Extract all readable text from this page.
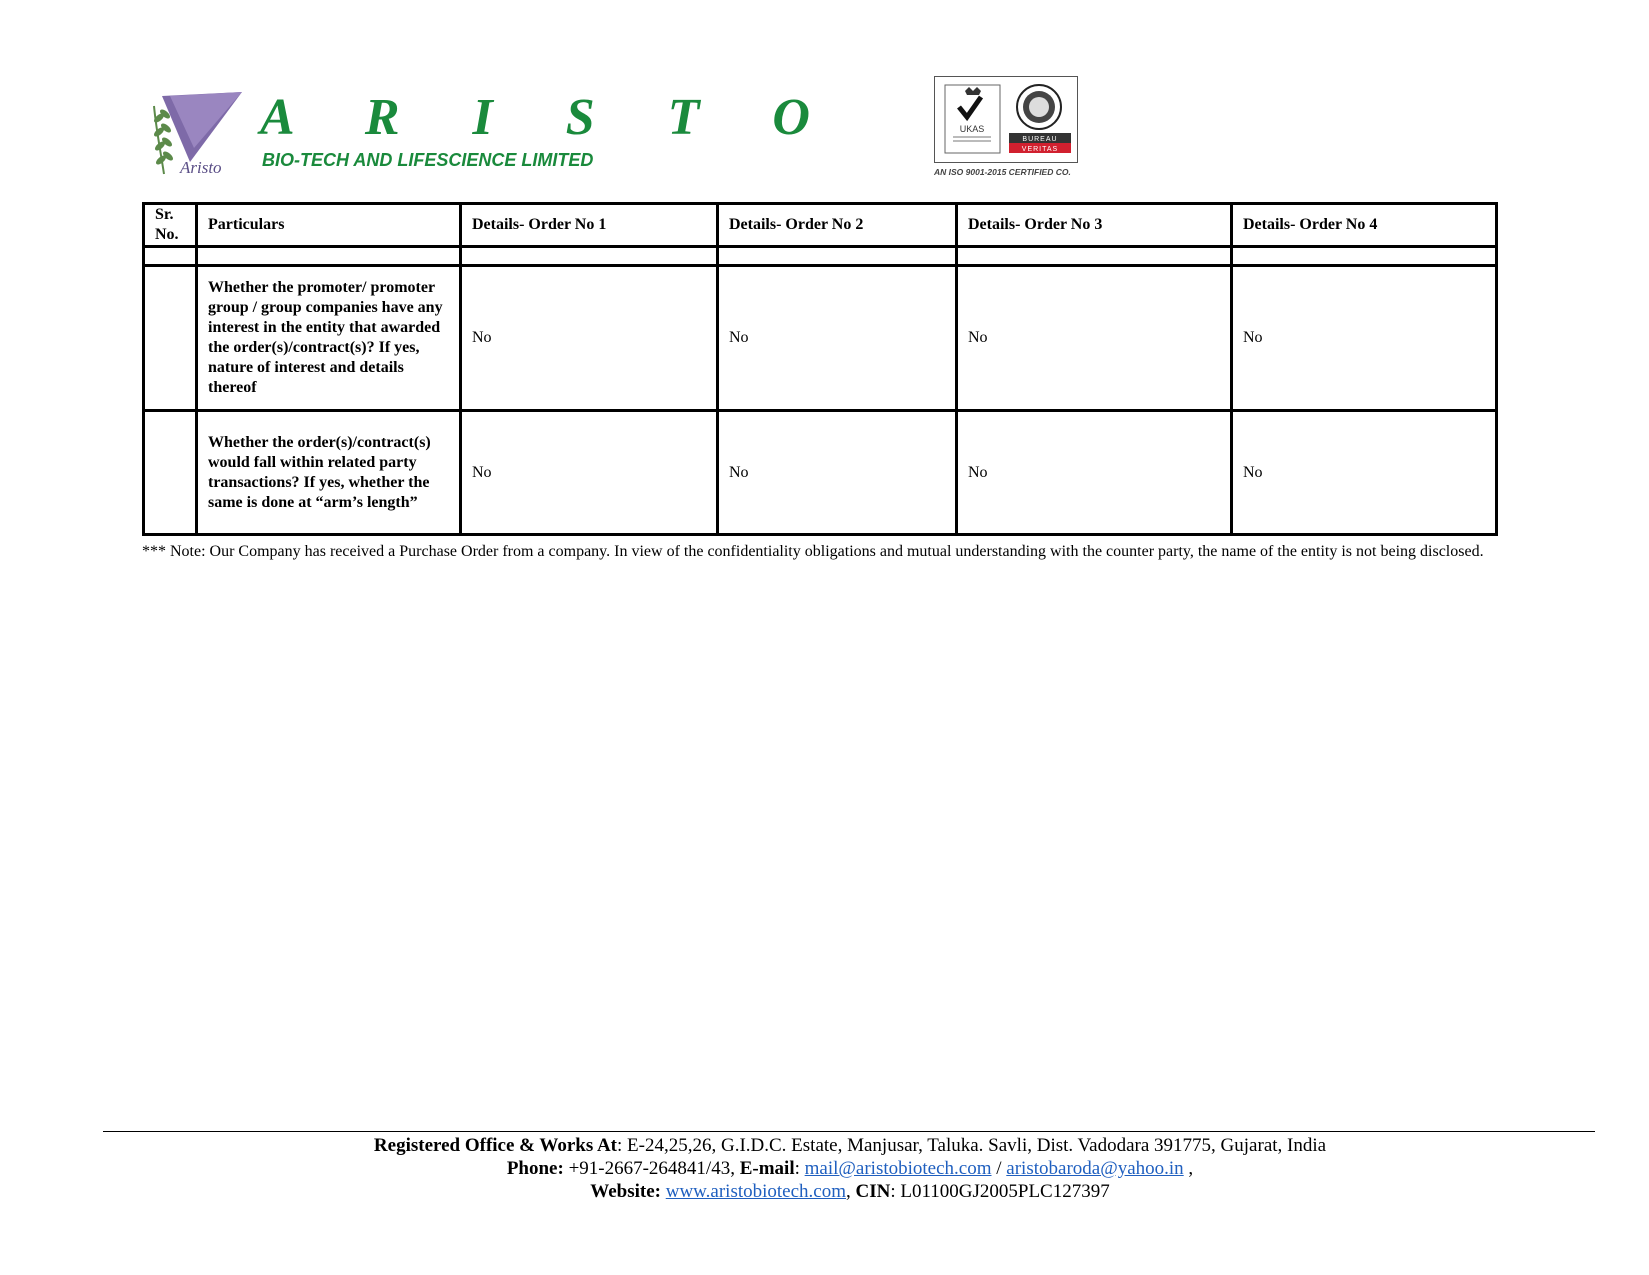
Aristo
A R I S T O
BIO-TECH AND LIFESCIENCE LIMITED
UKAS
BUREAU
VERITAS
AN ISO 9001-2015 CERTIFIED CO.
Sr. No.	Particulars	Details- Order No 1	Details- Order No 2	Details- Order No 3	Details- Order No 4

	Whether the promoter/ promoter group / group companies have any interest in the entity that awarded the order(s)/contract(s)? If yes, nature of interest and details thereof	No	No	No	No
	Whether the order(s)/contract(s) would fall within related party transactions? If yes, whether the same is done at “arm’s length”	No	No	No	No
*** Note: Our Company has received a Purchase Order from a company. In view of the confidentiality obligations and mutual understanding with the counter party, the name of the entity is not being disclosed.
Registered Office & Works At: E-24,25,26, G.I.D.C. Estate, Manjusar, Taluka. Savli, Dist. Vadodara 391775, Gujarat, India
Phone: +91-2667-264841/43, E-mail: mail@aristobiotech.com / aristobaroda@yahoo.in ,
Website: www.aristobiotech.com, CIN: L01100GJ2005PLC127397
